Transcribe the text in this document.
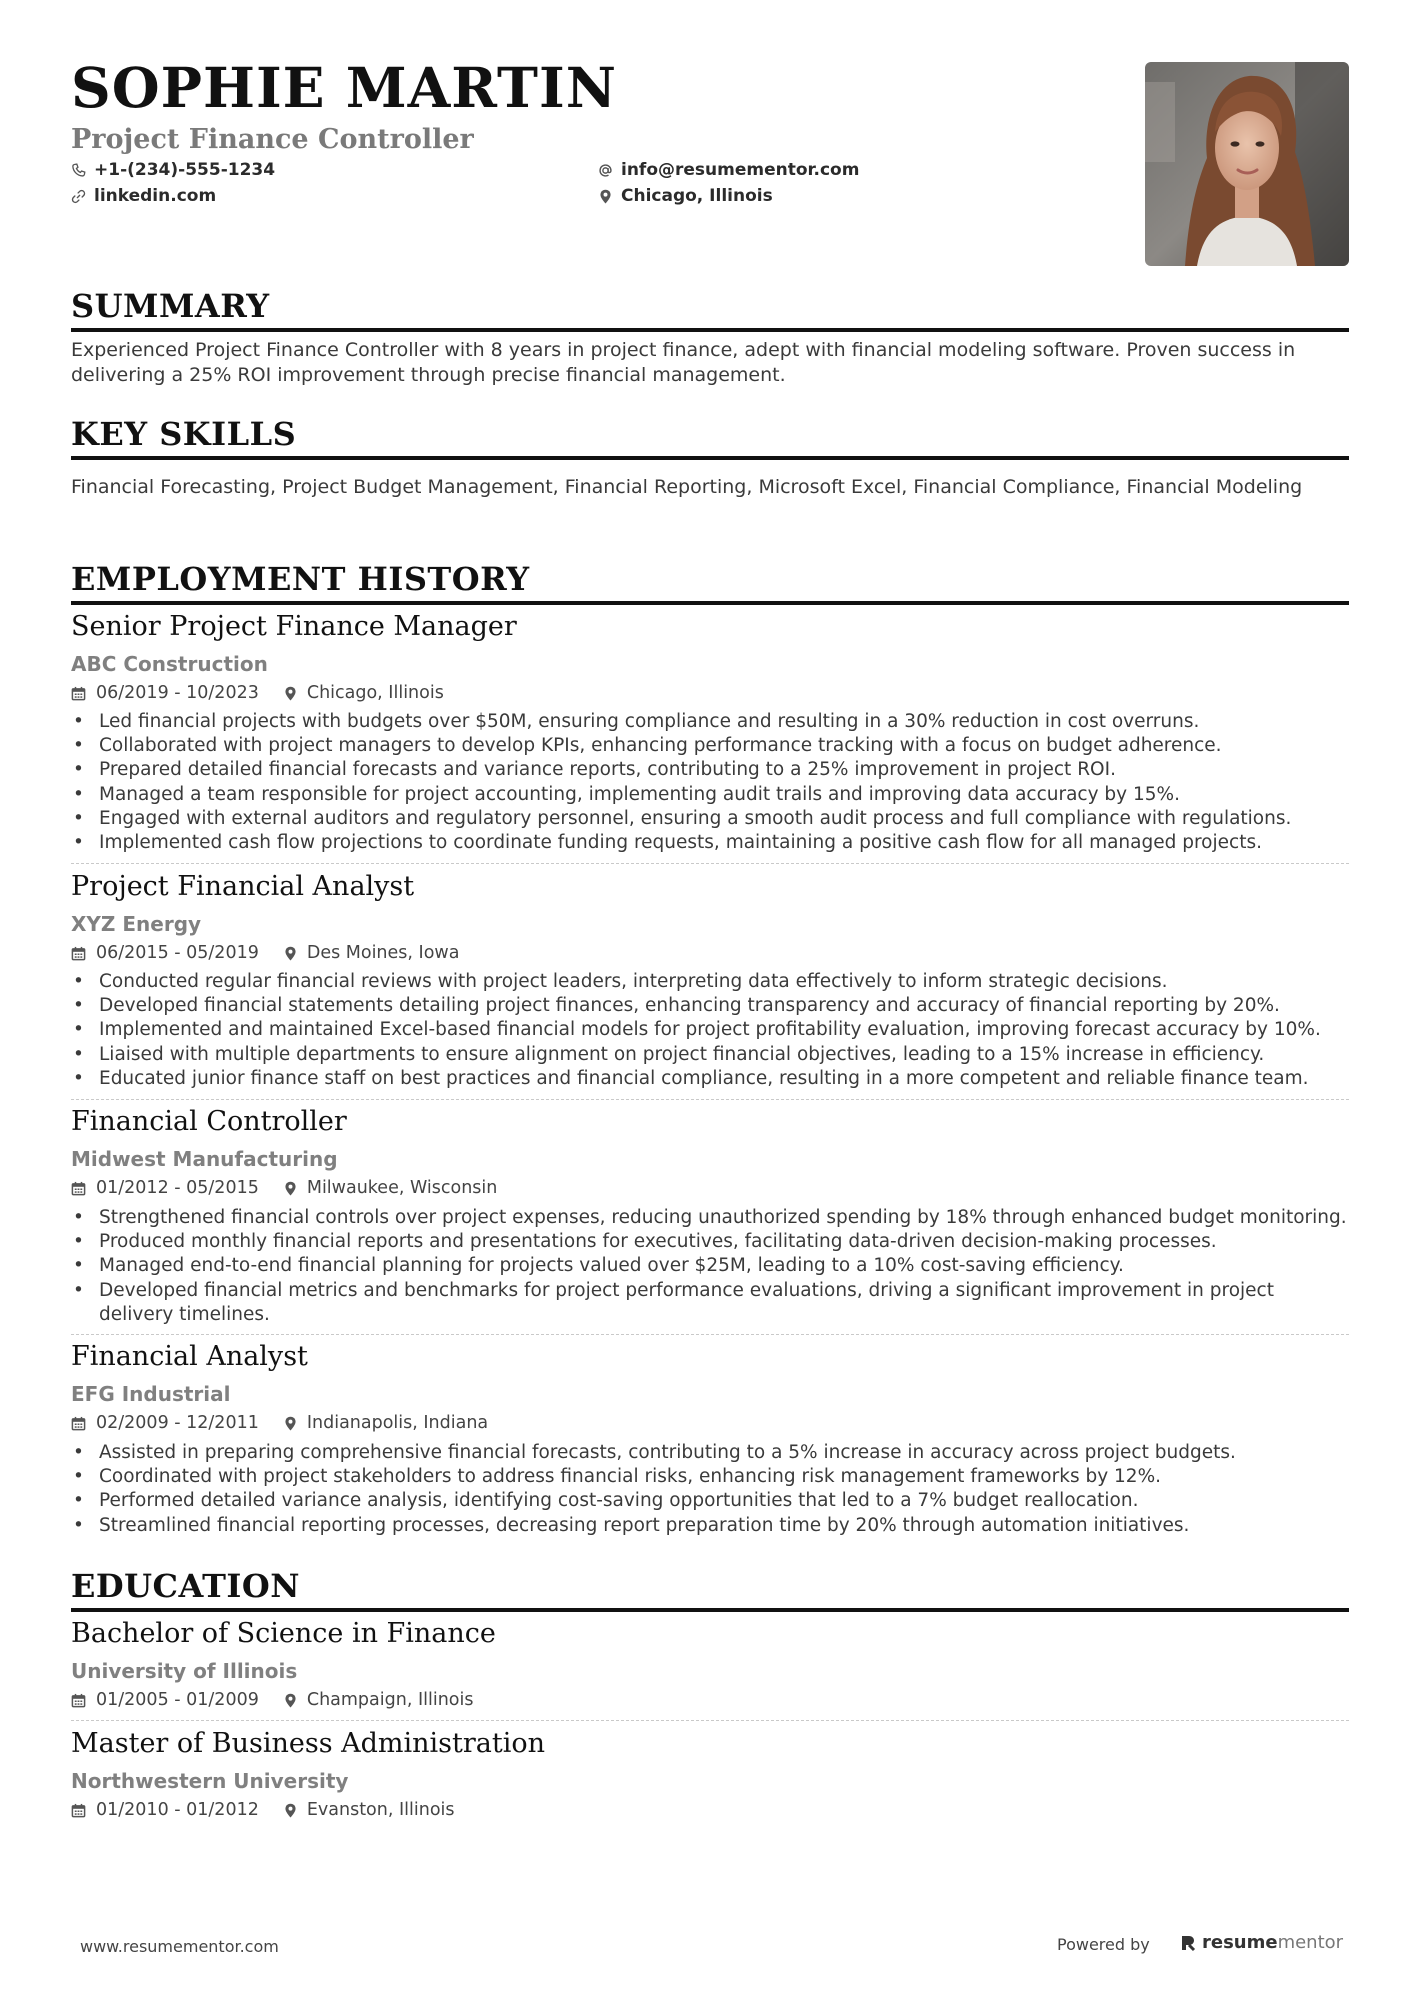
SOPHIE MARTIN
Project Finance Controller
+1-(234)-555-1234	info@resumementor.com
linkedin.com	Chicago, Illinois
SUMMARY
Experienced Project Finance Controller with 8 years in project finance, adept with financial modeling software. Proven success in delivering a 25% ROI improvement through precise financial management.
KEY SKILLS
Financial Forecasting, Project Budget Management, Financial Reporting, Microsoft Excel, Financial Compliance, Financial Modeling
EMPLOYMENT HISTORY
Senior Project Finance Manager
ABC Construction
06/2019 - 10/2023	Chicago, Illinois
• Led financial projects with budgets over $50M, ensuring compliance and resulting in a 30% reduction in cost overruns.
• Collaborated with project managers to develop KPIs, enhancing performance tracking with a focus on budget adherence.
• Prepared detailed financial forecasts and variance reports, contributing to a 25% improvement in project ROI.
• Managed a team responsible for project accounting, implementing audit trails and improving data accuracy by 15%.
• Engaged with external auditors and regulatory personnel, ensuring a smooth audit process and full compliance with regulations.
• Implemented cash flow projections to coordinate funding requests, maintaining a positive cash flow for all managed projects.
Project Financial Analyst
XYZ Energy
06/2015 - 05/2019	Des Moines, Iowa
• Conducted regular financial reviews with project leaders, interpreting data effectively to inform strategic decisions.
• Developed financial statements detailing project finances, enhancing transparency and accuracy of financial reporting by 20%.
• Implemented and maintained Excel-based financial models for project profitability evaluation, improving forecast accuracy by 10%.
• Liaised with multiple departments to ensure alignment on project financial objectives, leading to a 15% increase in efficiency.
• Educated junior finance staff on best practices and financial compliance, resulting in a more competent and reliable finance team.
Financial Controller
Midwest Manufacturing
01/2012 - 05/2015	Milwaukee, Wisconsin
• Strengthened financial controls over project expenses, reducing unauthorized spending by 18% through enhanced budget monitoring.
• Produced monthly financial reports and presentations for executives, facilitating data-driven decision-making processes.
• Managed end-to-end financial planning for projects valued over $25M, leading to a 10% cost-saving efficiency.
• Developed financial metrics and benchmarks for project performance evaluations, driving a significant improvement in project delivery timelines.
Financial Analyst
EFG Industrial
02/2009 - 12/2011	Indianapolis, Indiana
• Assisted in preparing comprehensive financial forecasts, contributing to a 5% increase in accuracy across project budgets.
• Coordinated with project stakeholders to address financial risks, enhancing risk management frameworks by 12%.
• Performed detailed variance analysis, identifying cost-saving opportunities that led to a 7% budget reallocation.
• Streamlined financial reporting processes, decreasing report preparation time by 20% through automation initiatives.
EDUCATION
Bachelor of Science in Finance
University of Illinois
01/2005 - 01/2009	Champaign, Illinois
Master of Business Administration
Northwestern University
01/2010 - 01/2012	Evanston, Illinois
www.resumementor.com	Powered by	resumementor
